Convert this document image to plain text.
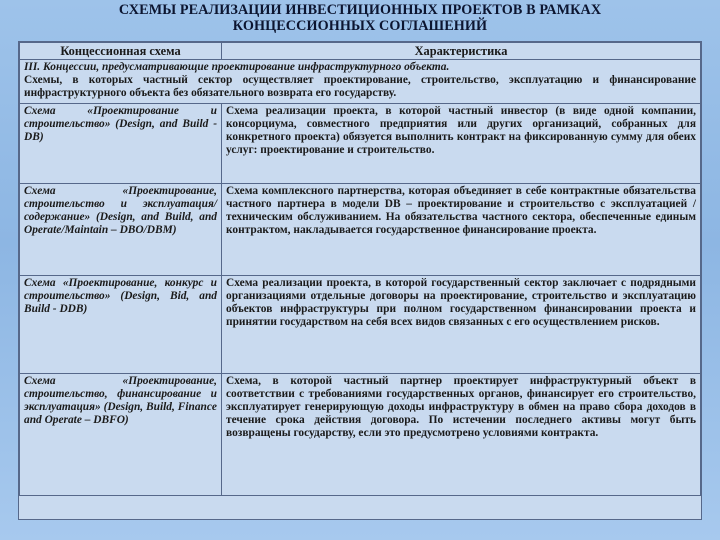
СХЕМЫ РЕАЛИЗАЦИИ ИНВЕСТИЦИОННЫХ ПРОЕКТОВ В РАМКАХ
КОНЦЕССИОННЫХ СОГЛАШЕНИЙ
Концессионная схема	Характеристика

III. Концессии, предусматривающие проектирование инфраструктурного объекта.
Схемы, в которых частный сектор осуществляет проектирование, строительство, эксплуатацию и финансирование инфраструктурного объекта без обязательного возврата его государству.	

Схема «Проектирование и строительство» (Design, and Build - DB)	Схема реализации проекта, в которой частный инвестор (в виде одной компании, консорциума, совместного предприятия или других организаций, собранных для конкретного проекта) обязуется выполнить контракт на фиксированную сумму для обеих услуг: проектирование и строительство.
Схема «Проектирование, строительство и эксплуатация/содержание» (Design, and Build, and Operate/Maintain – DBO/DBM)	Схема комплексного партнерства, которая объединяет в себе контрактные обязательства частного партнера в модели DB – проектирование и строительство с эксплуатацией /техническим обслуживанием. На обязательства частного сектора, обеспеченные единым контрактом, накладывается государственное финансирование проекта.
Схема «Проектирование, конкурс и строительство» (Design, Bid, and Build - DDB)	Схема реализации проекта, в которой государственный сектор заключает с подрядными организациями отдельные договоры на проектирование, строительство и эксплуатацию объектов инфраструктуры при полном государственном финансировании проекта и принятии государством на себя всех видов связанных с его осуществлением рисков.
Схема «Проектирование, строительство, финансирование и эксплуатация» (Design, Build, Finance and Operate – DBFO)	Схема, в которой частный партнер проектирует инфраструктурный объект в соответствии с требованиями государственных органов, финансирует его строительство, эксплуатирует генерирующую доходы инфраструктуру в обмен на право сбора доходов в течение срока действия договора. По истечении последнего активы могут быть возвращены государству, если это предусмотрено условиями контракта.
